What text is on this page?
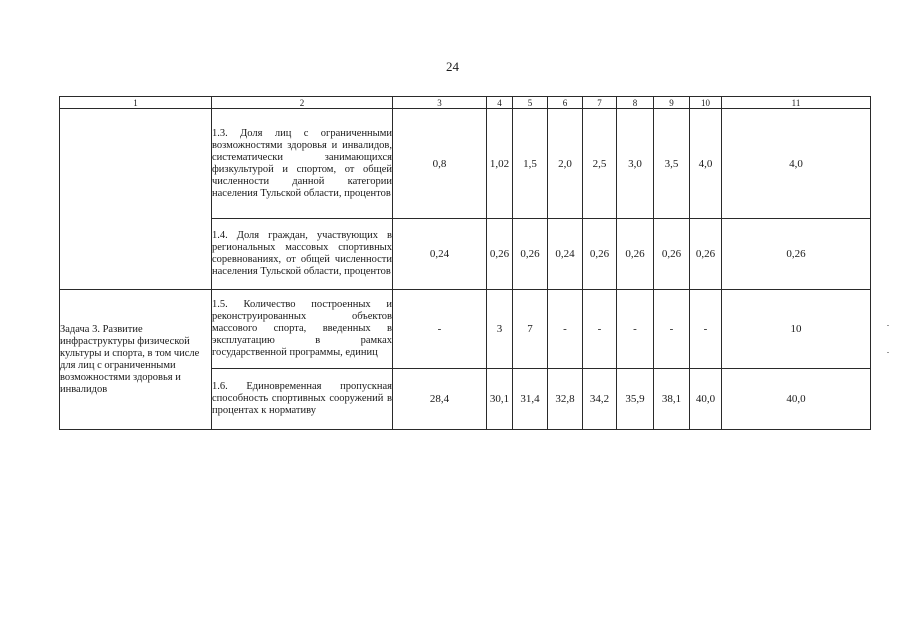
24
1	2	3	4	5	6	7	8	9	10	11
	1.3. Доля лиц с ограниченными возможностями здоровья и инвалидов, систематически занимающихся физкультурой и спортом, от общей численности данной категории населения Тульской области, процентов	0,8	1,02	1,5	2,0	2,5	3,0	3,5	4,0	4,0
	1.4. Доля граждан, участвующих в региональных массовых спортивных соревнованиях, от общей численности населения Тульской области, процентов	0,24	0,26	0,26	0,24	0,26	0,26	0,26	0,26	0,26
Задача 3. Развитие инфраструктуры физической культуры и спорта, в том числе для лиц с ограниченными возможностями здоровья и инвалидов	1.5. Количество построенных и реконструированных объектов массового спорта, введенных в эксплуатацию в рамках государственной программы, единиц	-	3	7	-	-	-	-	-	10
	1.6. Единовременная пропускная способность спортивных сооружений в процентах к нормативу	28,4	30,1	31,4	32,8	34,2	35,9	38,1	40,0	40,0
